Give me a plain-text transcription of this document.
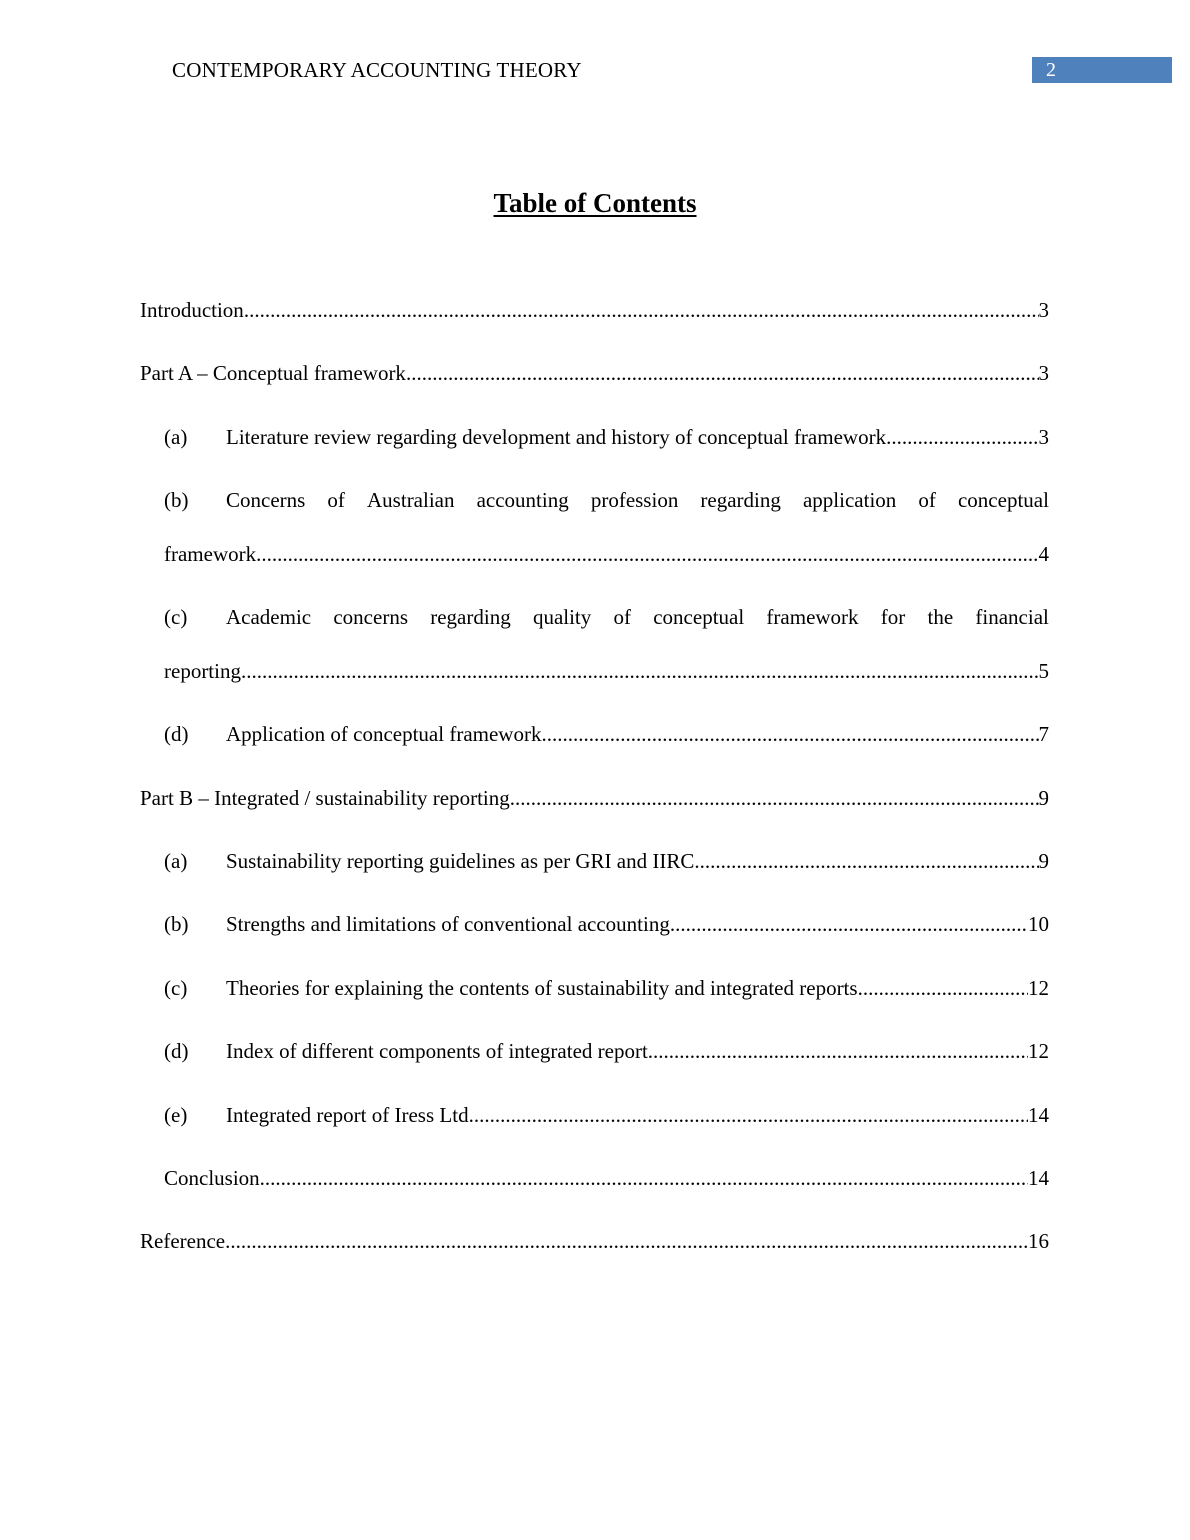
CONTEMPORARY ACCOUNTING THEORY	2
Table of Contents
Introduction .....	3
Part A – Conceptual framework .....	3
(a)	Literature review regarding development and history of conceptual framework .....	3
(b)	Concerns of Australian accounting profession regarding application of conceptual
framework .....	4
(c)	Academic concerns regarding quality of conceptual framework for the financial
reporting .....	5
(d)	Application of conceptual framework .....	7
Part B – Integrated / sustainability reporting .....	9
(a)	Sustainability reporting guidelines as per GRI and IIRC .....	9
(b)	Strengths and limitations of conventional accounting .....	10
(c)	Theories for explaining the contents of sustainability and integrated reports .....	12
(d)	Index of different components of integrated report .....	12
(e)	Integrated report of Iress Ltd .....	14
Conclusion .....	14
Reference .....	16
